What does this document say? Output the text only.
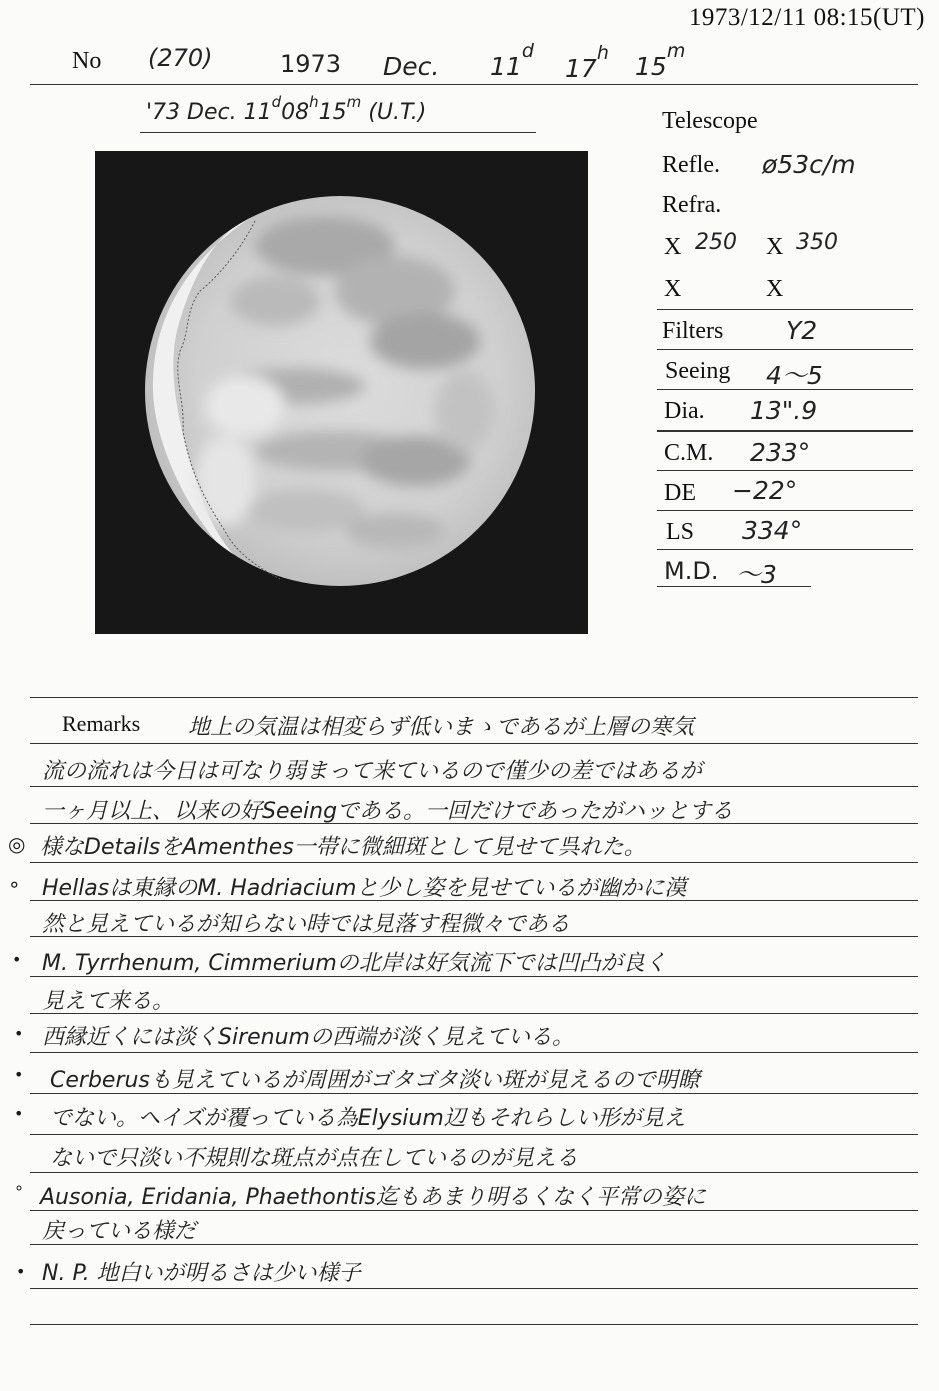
1973/12/11 08:15(UT)
No (270)	1973 Dec. 11$^d$
17$^h$ 15$^m$
'73 Dec. 11$^d$08$^h$15$^m$ (U.T.)	Telescope
Refle. ø53c/m
Refra.
X 250 X 350
X	X
Filters	Y2
Seeing 4〜5
Dia. 13".9
C.M. 233°
DE −22°
LS 334°
M.D. 〜3
Remarks 地上の気温は相変らず低いまゝであるが上層の寒気
流の流れは今日は可なり弱まって来ているので僅少の差ではあるが
一ヶ月以上、以来の好Seeingである。一回だけであったがハッとする
◎ 様なDetailsをAmenthes一帯に微細斑として見せて呉れた。
∘ Hellasは東縁のM. Hadriaciumと少し姿を見せているが幽かに漠
然と見えているが知らない時では見落す程微々である
• M. Tyrrhenum, Cimmeriumの北岸は好気流下では凹凸が良く
見えて来る。
• 西縁近くには淡くSirenumの西端が淡く見えている。
• Cerberusも見えているが周囲がゴタゴタ淡い斑が見えるので明瞭
• でない。ヘイズが覆っている為Elysium辺もそれらしい形が見え
ないで只淡い不規則な斑点が点在しているのが見える
∘ Ausonia, Eridania, Phaethontis迄もあまり明るくなく平常の姿に
戻っている様だ
• N. P. 地白いが明るさは少い様子
